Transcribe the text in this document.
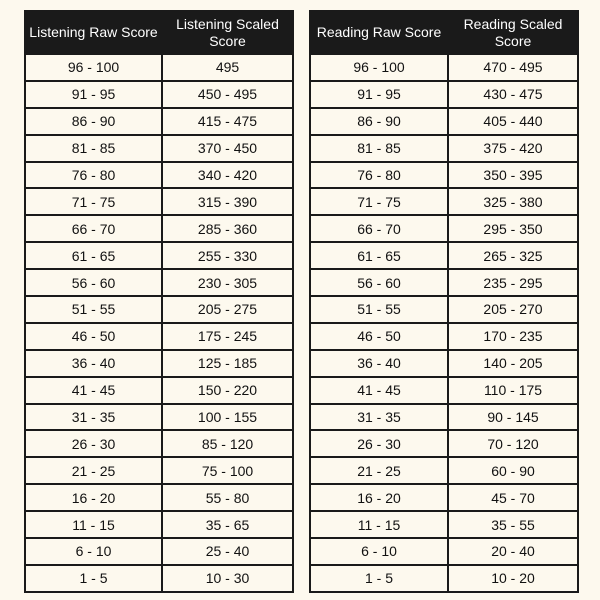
Listening Raw Score	Listening Scaled Score
96 - 100	495
91 - 95	450 - 495
86 - 90	415 - 475
81 - 85	370 - 450
76 - 80	340 - 420
71 - 75	315 - 390
66 - 70	285 - 360
61 - 65	255 - 330
56 - 60	230 - 305
51 - 55	205 - 275
46 - 50	175 - 245
36 - 40	125 - 185
41 - 45	150 - 220
31 - 35	100 - 155
26 - 30	85 - 120
21 - 25	75 - 100
16 - 20	55 - 80
11 - 15	35 - 65
6 - 10	25 - 40
1 - 5	10 - 30
Reading Raw Score	Reading Scaled Score
96 - 100	470 - 495
91 - 95	430 - 475
86 - 90	405 - 440
81 - 85	375 - 420
76 - 80	350 - 395
71 - 75	325 - 380
66 - 70	295 - 350
61 - 65	265 - 325
56 - 60	235 - 295
51 - 55	205 - 270
46 - 50	170 - 235
36 - 40	140 - 205
41 - 45	110 - 175
31 - 35	90 - 145
26 - 30	70 - 120
21 - 25	60 - 90
16 - 20	45 - 70
11 - 15	35 - 55
6 - 10	20 - 40
1 - 5	10 - 20
